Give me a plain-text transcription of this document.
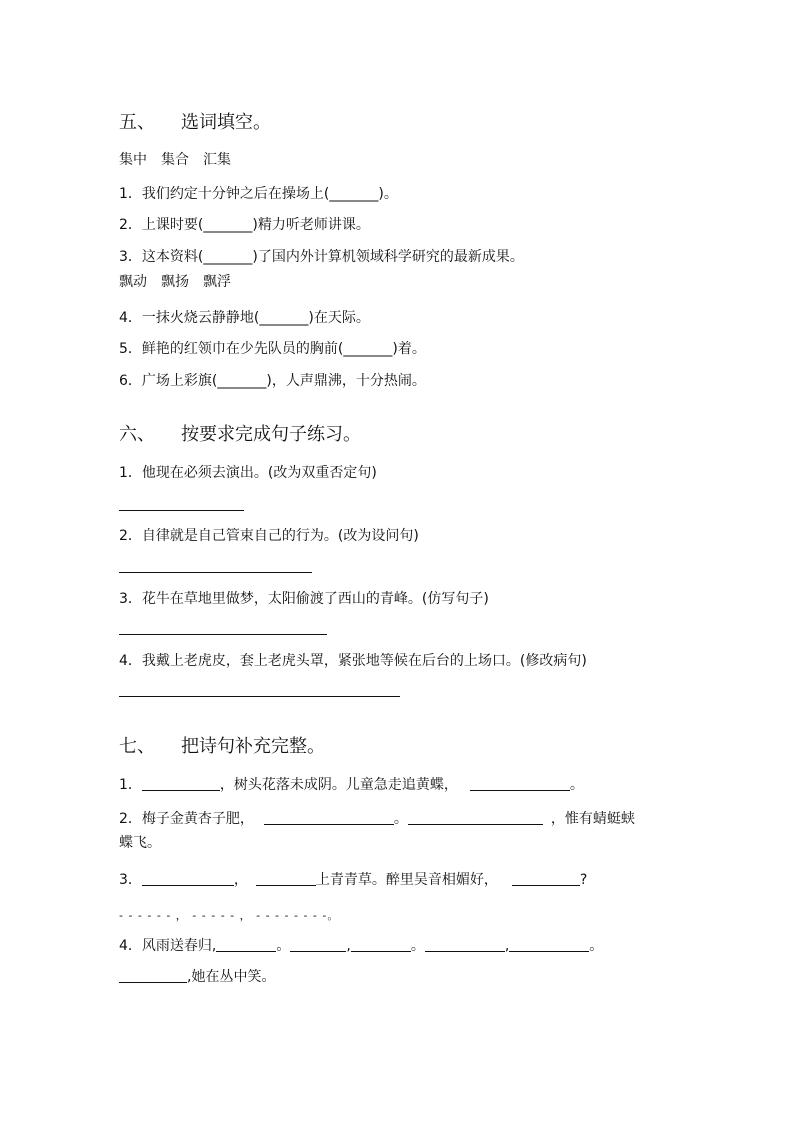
五、 选词填空。
集中 集合 汇集
1．我们约定十分钟之后在操场上(_______)。
2．上课时要(_______)精力听老师讲课。
3．这本资料(_______)了国内外计算机领域科学研究的最新成果。
飘动 飘扬 飘浮
4．一抹火烧云静静地(_______)在天际。
5．鲜艳的红领巾在少先队员的胸前(_______)着。
6．广场上彩旗(_______)，人声鼎沸，十分热闹。
六、 按要求完成句子练习。
1．他现在必须去演出。(改为双重否定句)
2．自律就是自己管束自己的行为。(改为设问句)
3．花牛在草地里做梦，太阳偷渡了西山的青峰。(仿写句子)
4．我戴上老虎皮，套上老虎头罩，紧张地等候在后台的上场口。(修改病句)
七、 把诗句补充完整。
1．	，树头花落未成阴。儿童急走追黄蝶，	。
2．梅子金黄杏子肥，	。	，惟有蜻蜓蛱
蝶飞。
3．	，	上青青草。醉里吴音相媚好，	?
- - - - - - ， - - - - - ， - - - - - - - -。
4．风雨送春归,	。	,	。	,	。
,她在丛中笑。
